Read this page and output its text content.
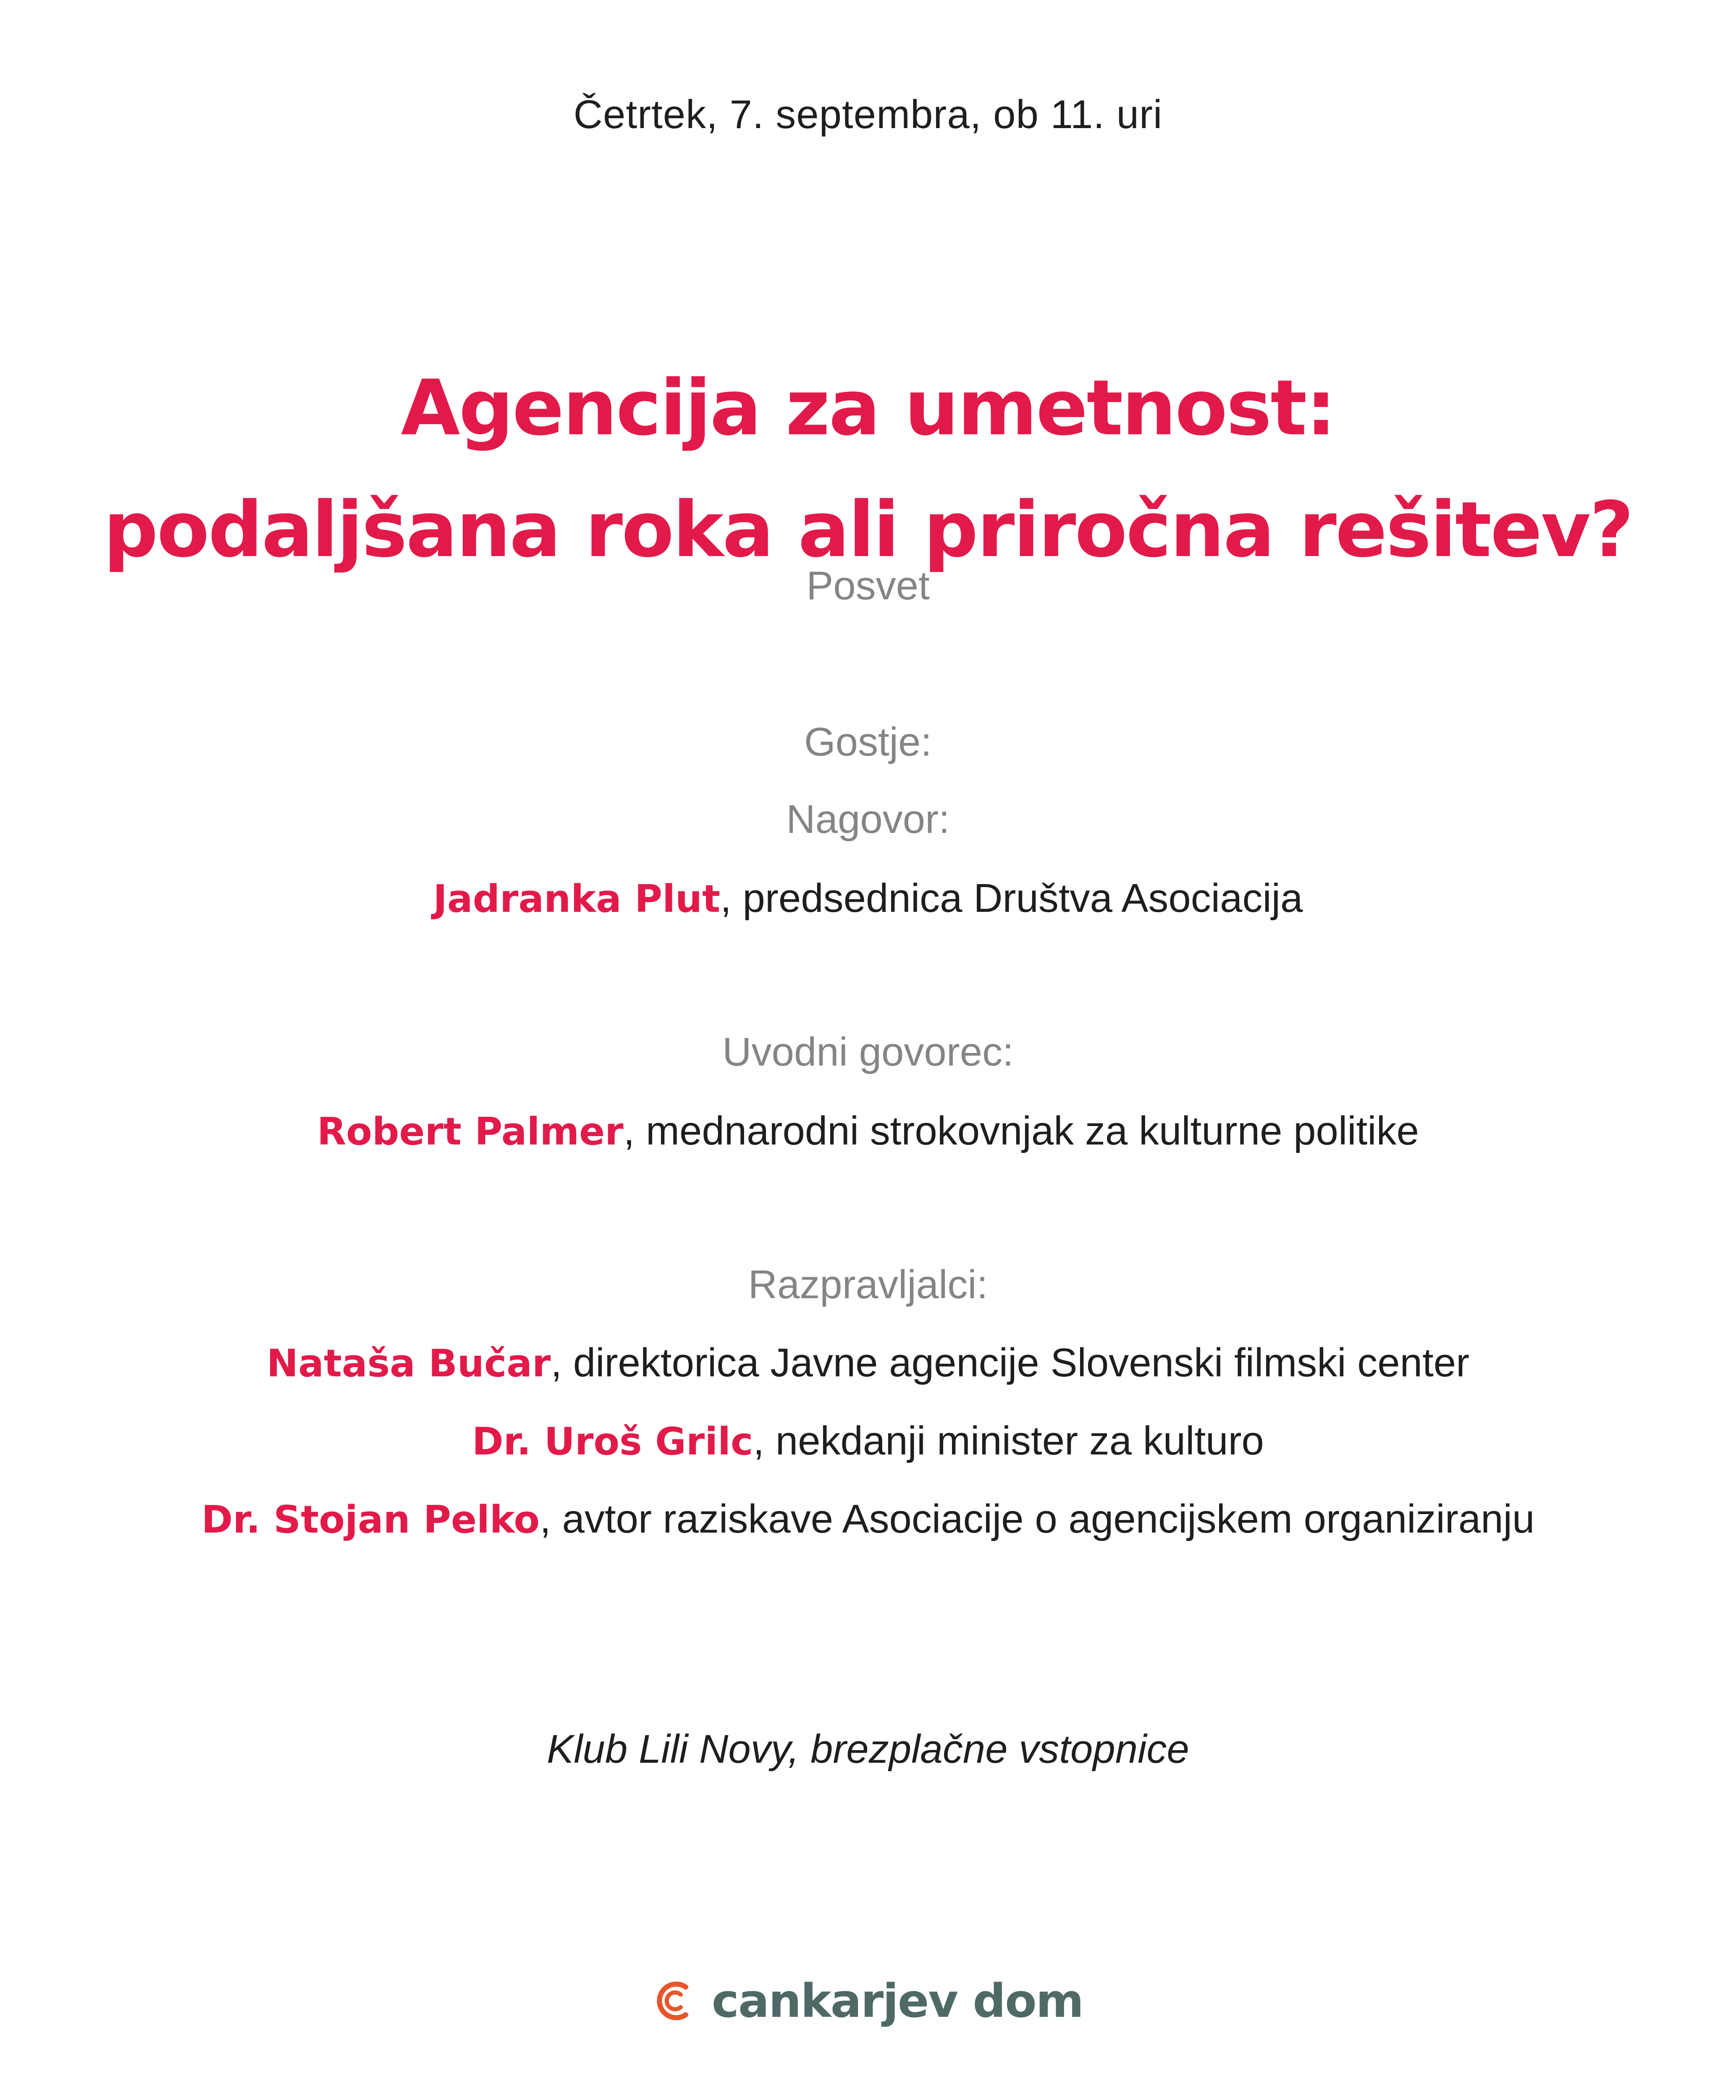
Četrtek, 7. septembra, ob 11. uri
Agencija za umetnost:
podaljšana roka ali priročna rešitev?
Posvet
Gostje:
Nagovor:
Jadranka Plut, predsednica Društva Asociacija
Uvodni govorec:
Robert Palmer, mednarodni strokovnjak za kulturne politike
Razpravljalci:
Nataša Bučar, direktorica Javne agencije Slovenski filmski center
Dr. Uroš Grilc, nekdanji minister za kulturo
Dr. Stojan Pelko, avtor raziskave Asociacije o agencijskem organiziranju
Klub Lili Novy, brezplačne vstopnice
cankarjev dom
